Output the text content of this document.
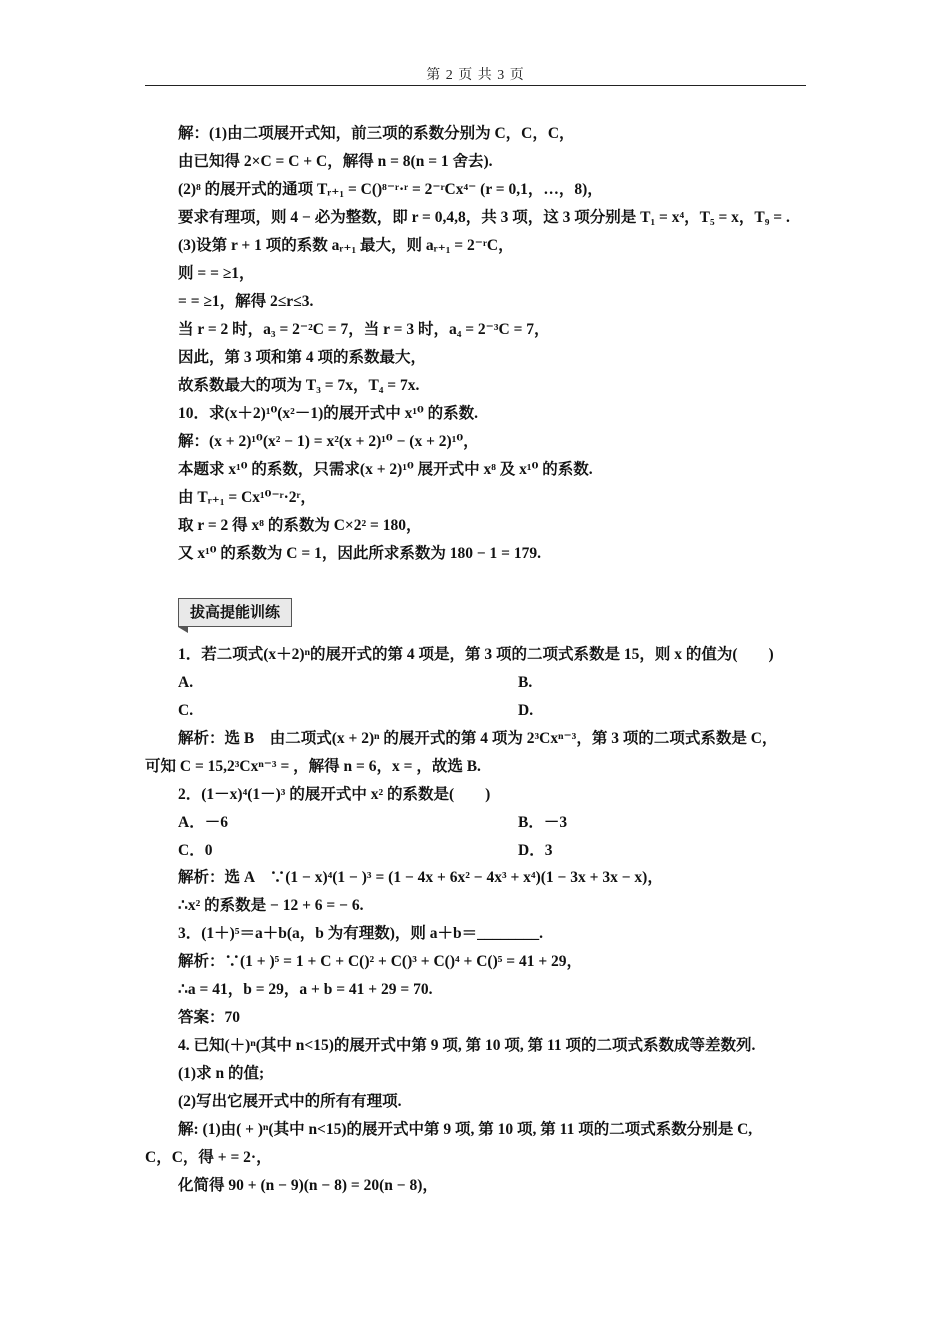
第 2 页 共 3 页
解：(1)由二项展开式知，前三项的系数分别为 C，C，C，
由已知得 2×C = C + C，解得 n = 8(n = 1 舍去).
(2)⁸ 的展开式的通项 Tᵣ₊₁ = C()⁸⁻ʳ·ʳ = 2⁻ʳCx⁴⁻ (r = 0,1，…，8)，
要求有理项，则 4 − 必为整数，即 r = 0,4,8，共 3 项，这 3 项分别是 T₁ = x⁴，T₅ = x，T₉ = .
(3)设第 r + 1 项的系数 aᵣ₊₁ 最大，则 aᵣ₊₁ = 2⁻ʳC，
则 = = ≥1，
= = ≥1，解得 2≤r≤3.
当 r = 2 时，a₃ = 2⁻²C = 7，当 r = 3 时，a₄ = 2⁻³C = 7，
因此，第 3 项和第 4 项的系数最大，
故系数最大的项为 T₃ = 7x，T₄ = 7x.
10．求(x＋2)¹⁰(x²－1)的展开式中 x¹⁰ 的系数.
解：(x + 2)¹⁰(x² − 1) = x²(x + 2)¹⁰ − (x + 2)¹⁰，
本题求 x¹⁰ 的系数，只需求(x + 2)¹⁰ 展开式中 x⁸ 及 x¹⁰ 的系数.
由 Tᵣ₊₁ = Cx¹⁰⁻ʳ·2ʳ，
取 r = 2 得 x⁸ 的系数为 C×2² = 180，
又 x¹⁰ 的系数为 C = 1，因此所求系数为 180 − 1 = 179.
拔高提能训练
1．若二项式(x＋2)ⁿ的展开式的第 4 项是，第 3 项的二项式系数是 15，则 x 的值为(　　)
A.	B.
C.	D.
解析：选 B　由二项式(x + 2)ⁿ 的展开式的第 4 项为 2³Cxⁿ⁻³，第 3 项的二项式系数是 C，
可知 C = 15,2³Cxⁿ⁻³ = ，解得 n = 6，x = ，故选 B.
2．(1－x)⁴(1－)³ 的展开式中 x² 的系数是(　　)
A．－6	B．－3
C．0	D．3
解析：选 A　∵(1 − x)⁴(1 − )³ = (1 − 4x + 6x² − 4x³ + x⁴)(1 − 3x + 3x − x)，
∴x² 的系数是 − 12 + 6 = − 6.
3．(1＋)⁵＝a＋b(a，b 为有理数)，则 a＋b＝________.
解析：∵(1 + )⁵ = 1 + C + C()² + C()³ + C()⁴ + C()⁵ = 41 + 29，
∴a = 41，b = 29，a + b = 41 + 29 = 70.
答案：70
4. 已知(＋)ⁿ(其中 n<15)的展开式中第 9 项, 第 10 项, 第 11 项的二项式系数成等差数列.
(1)求 n 的值;
(2)写出它展开式中的所有有理项.
解: (1)由( + )ⁿ(其中 n<15)的展开式中第 9 项, 第 10 项, 第 11 项的二项式系数分别是 C,
C，C，得 + = 2·，
化简得 90 + (n − 9)(n − 8) = 20(n − 8)，
